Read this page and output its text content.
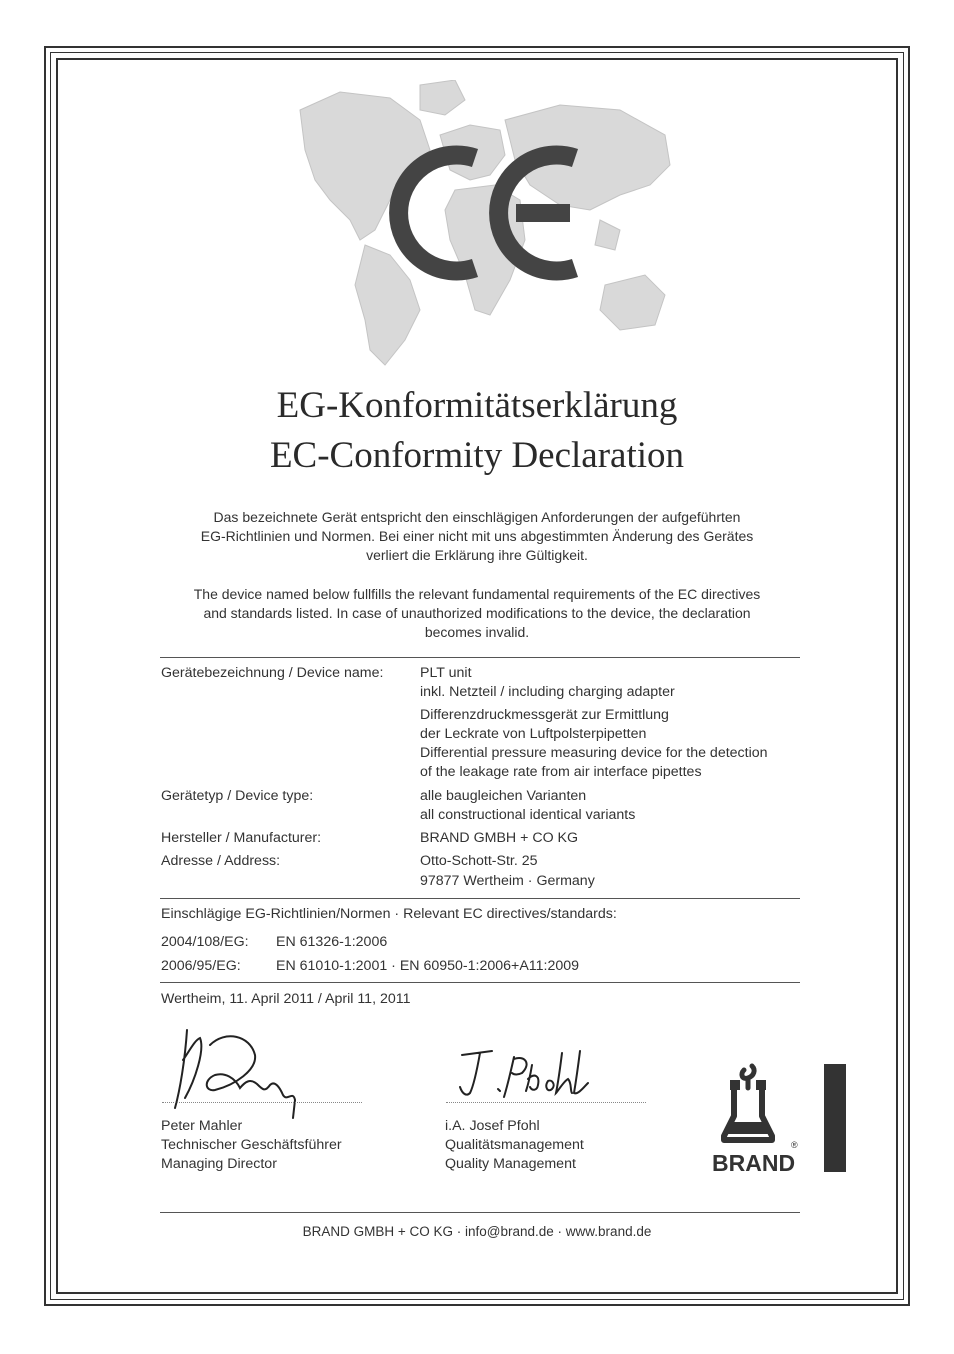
EG-Konformitätserklärung
EC-Conformity Declaration
Das bezeichnete Gerät entspricht den einschlägigen Anforderungen der aufgeführten
EG-Richtlinien und Normen. Bei einer nicht mit uns abgestimmten Änderung des Gerätes
verliert die Erklärung ihre Gültigkeit.
The device named below fullfills the relevant fundamental requirements of the EC directives
and standards listed. In case of unauthorized modifications to the device, the declaration
becomes invalid.
Gerätebezeichnung / Device name:	PLT unit
inkl. Netzteil / including charging adapter
Differenzdruckmessgerät zur Ermittlung
der Leckrate von Luftpolsterpipetten
Differential pressure measuring device for the detection
of the leakage rate from air interface pipettes
Gerätetyp / Device type:	alle baugleichen Varianten
all constructional identical variants
Hersteller / Manufacturer:	BRAND GMBH + CO KG
Adresse / Address:	Otto-Schott-Str. 25
97877 Wertheim · Germany
Einschlägige EG-Richtlinien/Normen · Relevant EC directives/standards:
2004/108/EG: EN 61326-1:2006
2006/95/EG: EN 61010-1:2001 · EN 60950-1:2006+A11:2009
Wertheim, 11. April 2011 / April 11, 2011
Peter Mahler
Technischer Geschäftsführer
Managing Director
i.A. Josef Pfohl
Qualitätsmanagement
Quality Management	BRAND
®
BRAND GMBH + CO KG · info@brand.de · www.brand.de
